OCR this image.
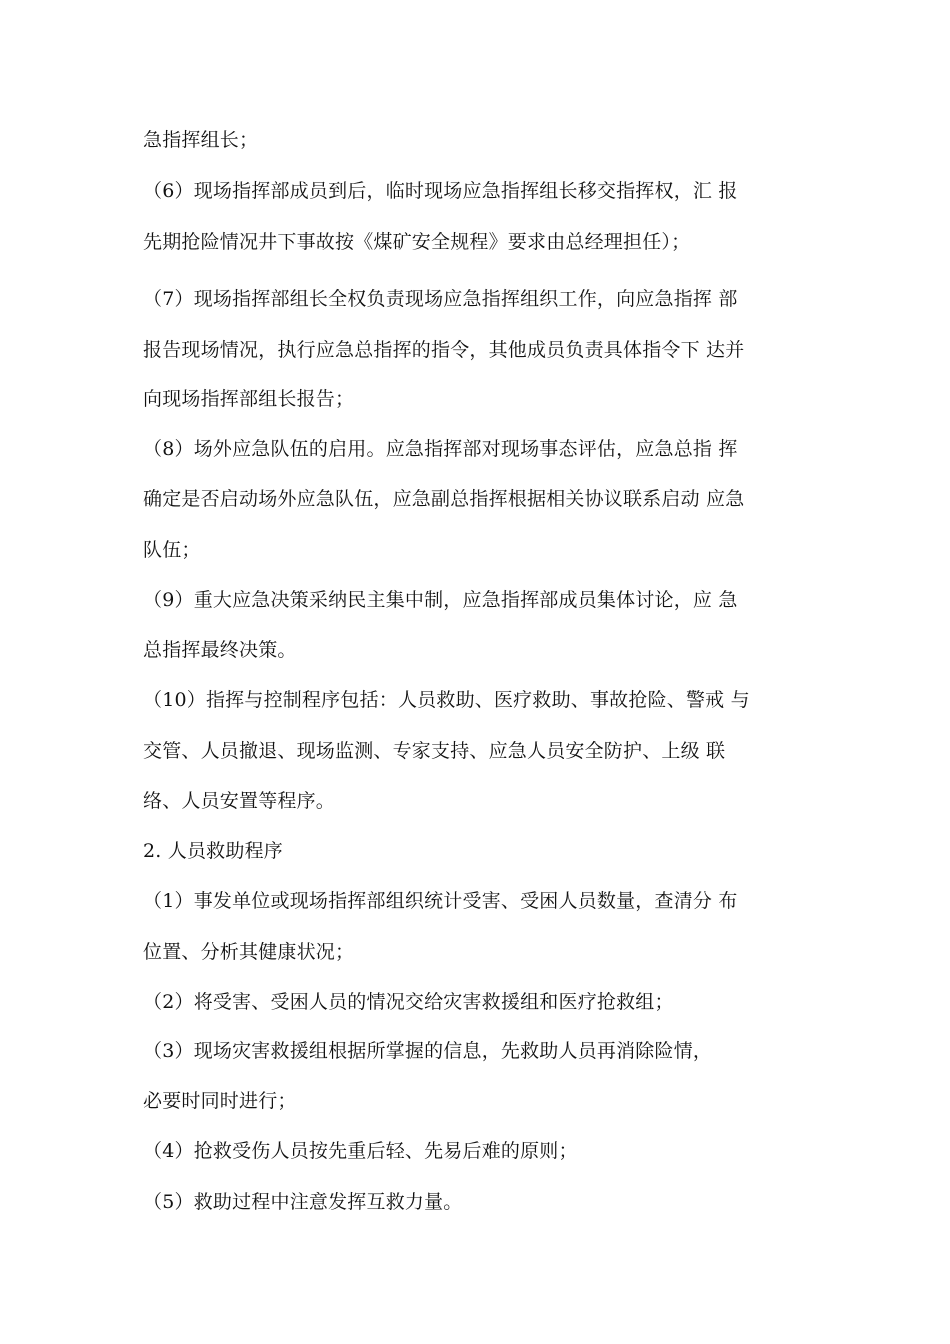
急指挥组长；
（6）现场指挥部成员到后，临时现场应急指挥组长移交指挥权，汇 报
先期抢险情况井下事故按《煤矿安全规程》要求由总经理担任）；
（7）现场指挥部组长全权负责现场应急指挥组织工作，向应急指挥 部
报告现场情况，执行应急总指挥的指令，其他成员负责具体指令下 达并
向现场指挥部组长报告；
（8）场外应急队伍的启用。应急指挥部对现场事态评估，应急总指 挥
确定是否启动场外应急队伍，应急副总指挥根据相关协议联系启动 应急
队伍；
（9）重大应急决策采纳民主集中制，应急指挥部成员集体讨论，应 急
总指挥最终决策。
（10）指挥与控制程序包括：人员救助、医疗救助、事故抢险、警戒 与
交管、人员撤退、现场监测、专家支持、应急人员安全防护、上级 联
络、人员安置等程序。
2. 人员救助程序
（1）事发单位或现场指挥部组织统计受害、受困人员数量，查清分 布
位置、分析其健康状况；
（2）将受害、受困人员的情况交给灾害救援组和医疗抢救组；
（3）现场灾害救援组根据所掌握的信息，先救助人员再消除险情，
必要时同时进行；
（4）抢救受伤人员按先重后轻、先易后难的原则；
（5）救助过程中注意发挥互救力量。
